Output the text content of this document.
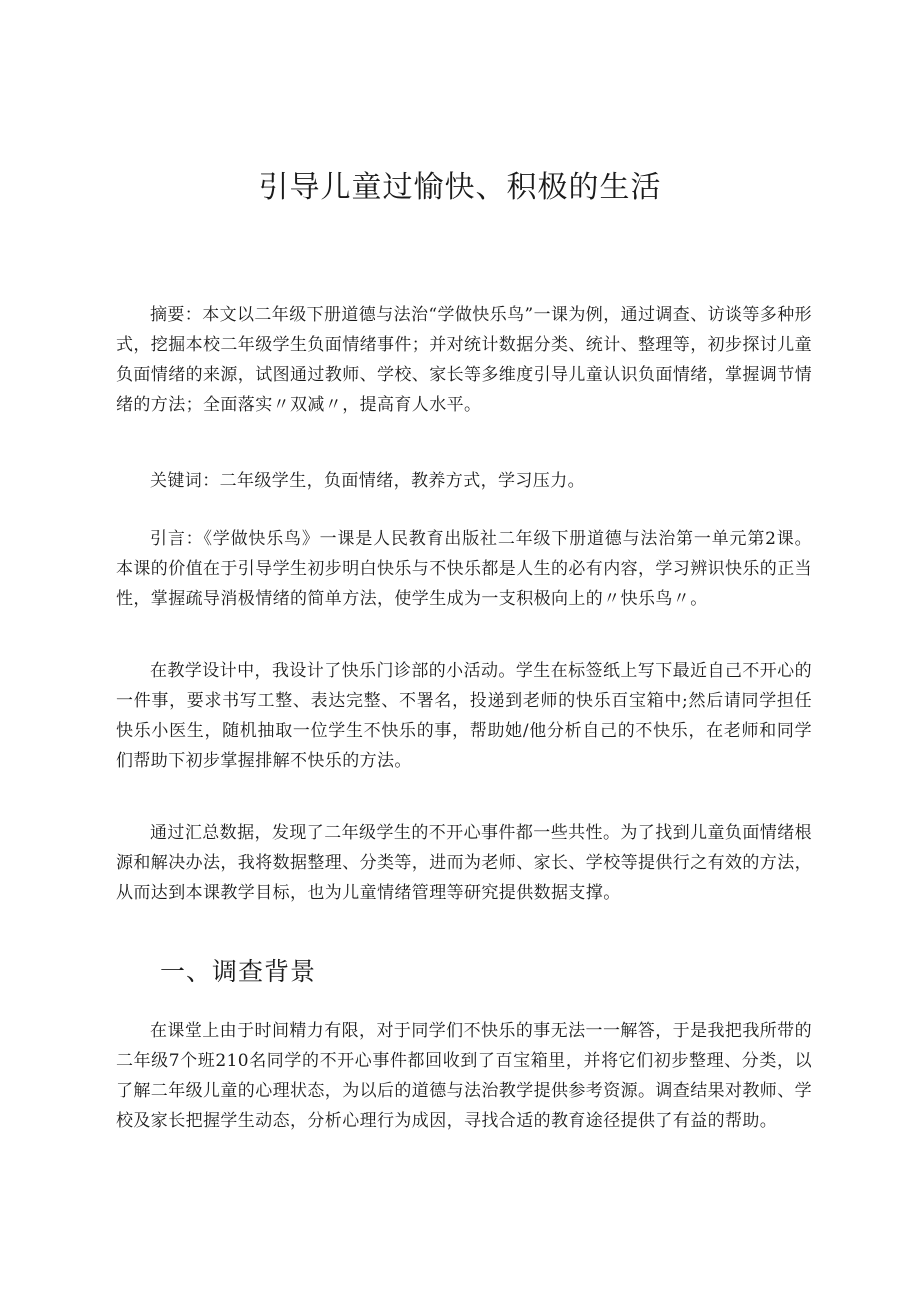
引导儿童过愉快、积极的生活

摘要：本文以二年级下册道德与法治“学做快乐鸟”一课为例，通过调查、访谈等多种形式，挖掘本校二年级学生负面情绪事件；并对统计数据分类、统计、整理等，初步探讨儿童负面情绪的来源，试图通过教师、学校、家长等多维度引导儿童认识负面情绪，掌握调节情绪的方法；全面落实〃双减〃，提高育人水平。

关键词：二年级学生，负面情绪，教养方式，学习压力。

引言：《学做快乐鸟》一课是人民教育出版社二年级下册道德与法治第一单元第2课。本课的价值在于引导学生初步明白快乐与不快乐都是人生的必有内容，学习辨识快乐的正当性，掌握疏导消极情绪的简单方法，使学生成为一支积极向上的〃快乐鸟〃。

在教学设计中，我设计了快乐门诊部的小活动。学生在标签纸上写下最近自己不开心的一件事，要求书写工整、表达完整、不署名，投递到老师的快乐百宝箱中;然后请同学担任快乐小医生，随机抽取一位学生不快乐的事，帮助她/他分析自己的不快乐，在老师和同学们帮助下初步掌握排解不快乐的方法。

通过汇总数据，发现了二年级学生的不开心事件都一些共性。为了找到儿童负面情绪根源和解决办法，我将数据整理、分类等，进而为老师、家长、学校等提供行之有效的方法，从而达到本课教学目标，也为儿童情绪管理等研究提供数据支撑。

一、调查背景

在课堂上由于时间精力有限，对于同学们不快乐的事无法一一解答，于是我把我所带的二年级7个班210名同学的不开心事件都回收到了百宝箱里，并将它们初步整理、分类，以了解二年级儿童的心理状态，为以后的道德与法治教学提供参考资源。调查结果对教师、学校及家长把握学生动态，分析心理行为成因，寻找合适的教育途径提供了有益的帮助。
